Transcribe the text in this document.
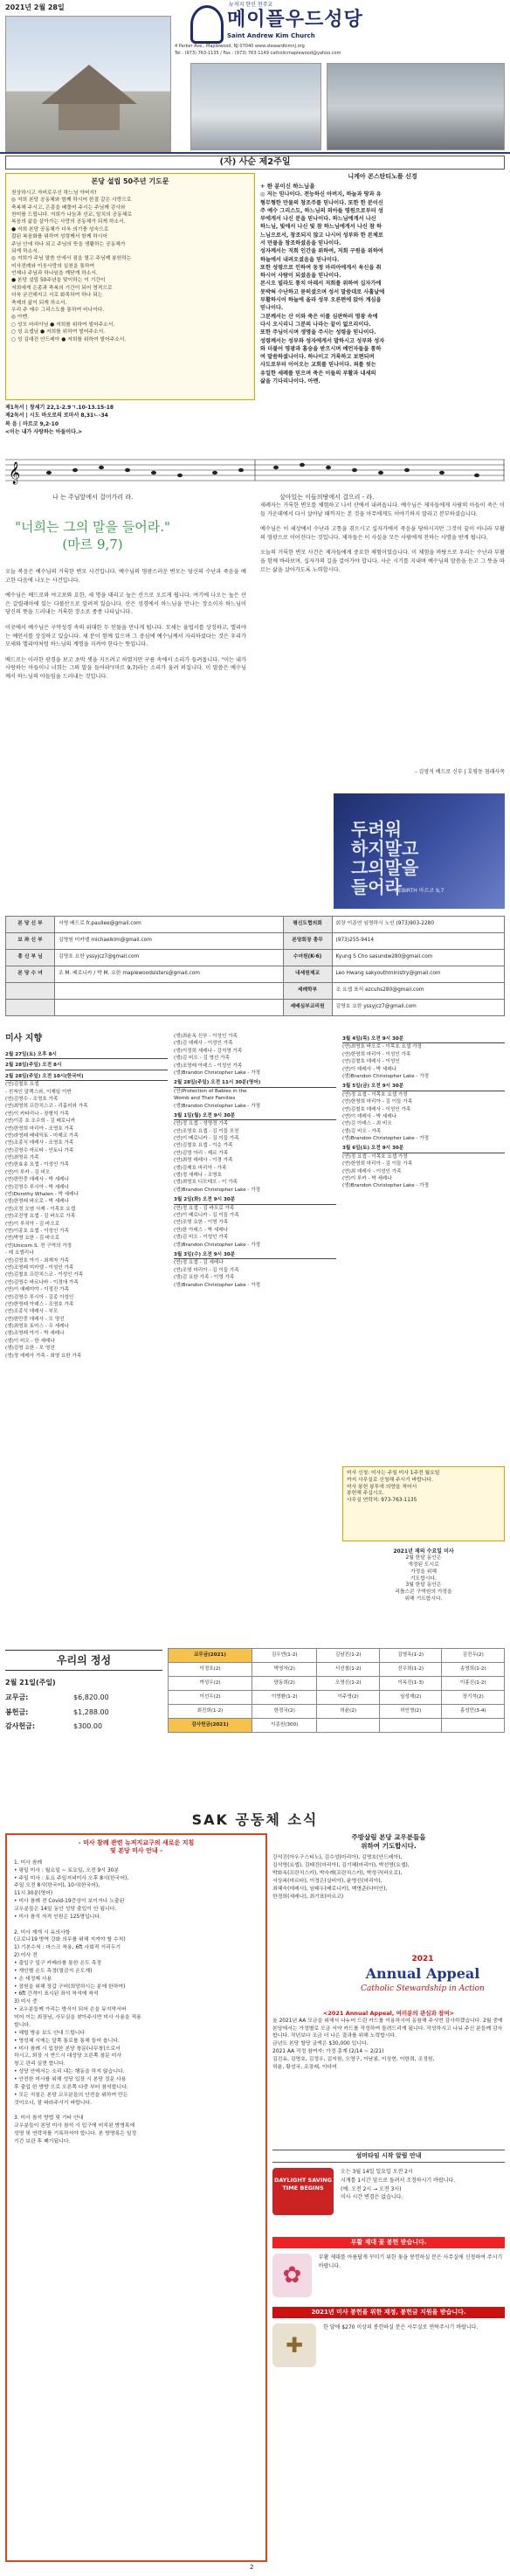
2021년 2월 28일	뉴저지 한인 천주교
메이플우드성당
Saint Andrew Kim Church
4 Parker Ave., Maplewood, NJ 07040 www.stewardkimnj.org
Tel : (973) 763-1135 / Fax : (973) 763-1149 catholicmaplewood@yahoo.com
(자) 사순 제2주일
본당 설립 50주년 기도문

천상하시고 자비로우신 하느님 아버지!
◎ 저희 본당 공동체와 함께 하시어 한결 같은 사랑으로
축복해 주시고, 은총을 베풀어 주시는 주님께 감사와
찬미를 드립니다. 저희가 나눔과 선교, 일치의 공동체로
복음의 삶을 살아가는 사랑의 공동체가 되게 하소서.
● 저희 본당 공동체가 더욱 의기충 성숙으로
잡된 복음화를 위하여 성령께서 함께 하시어
주님 안에 하나 되고 주님의 뜻을 생활하는 공동체가
되게 하소서.
◎ 저희가 주님 말씀 안에서 점을 열고 주님께 봉헌하는
미사전례와 이웃사랑의 실천을 통하여
언제나 주님과 하나임을 깨닫게 하소서.
● 본당 설립 50주년을 맞이하는 이 기간이
저희에게 은총과 축복의 기간이 되어 영적으로
더욱 굳건해지고 서로 화목하여 하나 되는
축제의 삶이 되게 하소서.
우리 주 예수 그리스도를 통하여 비나이다.
◎ 아멘.
○ 성모 마리아님 ● 저희를 위하여 빌어주소서.
○ 성 요셉님 ● 저희를 위하여 빌어주소서.
○ 성 김대건 안드레아 ● 저희를 위하여 빌어주소서.

제1독서 | 창세기 22,1-2.9ㄱ.10-13.15-18
제2독서 | 시도 바오로의 로마서 8,31ㄴ-34
복 음 | 마르코 9,2-10
<이는 내가 사랑하는 아들이다.>
니케아 콘스탄티노플 신경
+ 한 분이신 하느님을

◎ 저는 믿나이다. 전능하신 아버지, 하늘과 땅과 유
형무형한 만물의 창조주를 믿나이다. 또한 한 분이신
주 예수 그리스도, 하느님의 외아들 영원으로부터 성
부에게서 나신 분을 믿나이다. 하느님에게서 나신
하느님, 빛에서 나신 빛 참 하느님에게서 나신 참 하
느님으로서, 창조되지 않고 나시어 성부와 한 본체로
서 만물을 창조하셨음을 믿나이다.
성자께서는 저희 인간을 위하여, 저희 구원을 위하여
하늘에서 내려오셨음을 믿나이다.
또한 성령으로 인하여 동정 마리아에게서 육신을 취
하시어 사람이 되셨음을 믿나이다.
본시오 빌라도 통치 아래서 저희를 위하여 십자가에
못박혀 수난하고 묻히셨으며 성서 말씀대로 사흘날에
부활하시어 하늘에 올라 성부 오른편에 앉아 계심을
믿나이다.
그분께서는 산 이와 죽은 이를 심판하러 영광 속에
다시 오시리니 그분의 나라는 끝이 없으리이다.
또한 주님이시며 생명을 주시는 성령을 믿나이다.
성령께서는 성부와 성자에게서 발하시고 성부와 성자
와 더불어 영광과 흠숭을 받으시며 예언자들을 통하
여 말씀하셨나이다. 하나이고 거룩하고 보편되며
사도로부터 이어오는 교회를 믿나이다. 죄를 씻는
유일한 세례를 믿으며 죽은 이들의 부활과 내세의
삶을 기다리나이다. 아멘.

𝄞
나 는 주님앞에서 걸어가리 라.	살아있는 이들의땅에서 걸으리 - 라.
"너희는 그의 말을 들어라."
(마르 9,7)

오늘 복음은 예수님의 거룩한 변모 사건입니다. 예수님의 영광스러운 변모는 당신의 수난과 죽음을 예고한 다음에 나오는 사건입니다.

예수님은 베드로와 야고보와 요한, 세 명을 데리고 높은 산으로 오르게 됩니다. 여기에 나오는 높은 산은 갈릴레아에 있는 다볼산으로 알려져 있습니다. 산은 성경에서 하느님을 만나는 장소이자 하느님이 당신의 뜻을 드러내는 거룩한 장소로 종종 나타납니다.

이곳에서 예수님은 구약성경 속의 위대한 두 인물을 만나게 됩니다. 모세는 율법서를 상징하고, 엘리야는 예언서를 상징하고 있습니다. 세 분이 함께 있으며 그 중심에 예수님께서 자리하셨다는 것은 우리가 모세와 엘리야처럼 하느님의 계명을 지켜야 한다는 뜻입니다.

베드로는 이러한 광경을 보고 초막 셋을 지으려고 하였지만 구름 속에서 소리가 들려옵니다. "이는 내가 사랑하는 아들이니 너희는 그의 말을 들어라"(마르 9,7)라는 소리가 울려 퍼집니다. 이 말씀은 예수님께서 하느님의 아들임을 드러내는 것입니다.

세례자는 거룩한 변모를 체험하고 나서 산에서 내려옵니다. 예수님은 제자들에게 사람의 아들이 죽은 이들 가운데에서 다시 살아날 때까지는 본 것을 아무에게도 이야기하지 말라고 분부하셨습니다.

예수님은 이 세상에서 수난과 고통을 겪으시고 십자가에서 죽음을 당하시지만 그것이 끝이 아니라 부활의 영광으로 이어진다는 것입니다. 제자들은 이 사실을 모든 사람에게 전하는 사명을 받게 됩니다.

오늘의 거룩한 변모 사건은 제자들에게 중요한 체험이었습니다. 이 체험을 바탕으로 우리는 수난과 부활을 함께 바라보며, 십자가의 길을 걸어가야 합니다. 사순 시기를 지내며 예수님의 말씀을 듣고 그 뜻을 따르는 삶을 살아가도록 노력합시다.

- 김영석 베드로 신부 | 호평동 첨래사목
두려워
하지말고
그의말을
들어라
REBIRTH 마르코 9,7
본 당 신 부	서영 베드로 fr.paullee@gmail.com	평신도협의회	회장 이준연 임명하시 노인 (973)903-2280
보 좌 신 부	김명원 미카엘 michaelkim@gmail.com	본당회장 총무	(973)255-9414
총 신 부 님	김영호 요한 yssyjcz7@gmail.com	수녀원(K-6)	Kyung S Cho sasundw280@gmail.com
본 당 수 녀	조 M. 베로니카 / 박 M. 요한 maplewoodsisters@gmail.com	내세원제교	Leo Hwang sakyouthministry@gmail.com
		세례학부	조 요셉 표석 ezcuhs280@gmail.com
		세배심부교리원	김영호 요한 yssyjcz7@gmail.com
미사 지향
2월 27일(토) 오후 8시
2월 28일(주일) 오전 8시
2월 28일(주일) 오전 10시(한국어)
(연)김철호 요셉
- 친척인 알렉스와, 이제일 이반
(연)김영수 - 조영호 가족
(연)최영희 프란치스코 - 리홀러와 가족
(연)이 카타리나 - 장형석 가족
(연)이종 호 조수희 - 김 베로니카
(연)한영희 마리아 - 조영호 가족
(연)라영래 베네딕토 - 마제코 가족
(연)조종식 데레사 - 조영호 가족
(연)김영수 마르타 - 안토니 가족
(연)최영유 가족
(연)한효송 요셉 - 이성인 가족
(연)이 루카 - 김 비오
(연)한만중 데레사 - 박 세레나
(연)김영수 루시아 - 박 세레나
(연)Dorothy Whalen - 박 세레나
(생)한영래 바오로 - 박 세레나
(연)오정 오염 사제 - 이목호 요셉
(연)조진영 요셉 - 김 바오로 가족
(연)이 루치아 - 김 바오로
(연)이종호 요셉 - 이성인 가족
(연)박영 요한 - 김 바오로
(연)Unicorn S. 전 구역의 가정
- 레 요엘리나
(연)김영호 아기 - 최재자 가족
(연)조영래 미카엘 - 이성인 가족
(연)김철호 프란치스코 - 이성인 가족
(연)김영수 바르나바 - 이경애 가족
(연)이 예레미야 - 이정진 가족
(연)김영수 루시아 - 김종 이성인
(연)한영래 아녜스 - 조영호 가족
(연)조종식 데레사 - 부모
(연)한만중 데레사 - 모 영선
(생)최영호 토마스 - 우 세레나
(생)조영래 아기 - 박 세레나
(생)이 비오 - 한 세레나
(생)김영 요한 - 모 영선
(생)정 데레사 가족 - 최영 요한 가족
(생)최윤옥 신부 - 이성인 가족
(생)김 데레사 - 이성인 가족
(생)이정희 세레나 - 강지영 가족
(생)김 비오 - 김 영선 가족
(생)조영래 아녜스 - 이성인 가족
(생)Brandon Christopher Lake - 가정
2월 28일(주일) 오전 11시 30분(영어)
(연)Protection of Babies in the
Womb and Their Families
(생)Brandon Christopher Lake - 가정
3월 1일(월) 오전 9시 30분
(연)정 요셉 - 성영경 가족
(연)조영호 요셉 - 김 이들 모친
(연)이 베로니카 - 김 이들 가족
(연)김철호 요셉 - 이순 가족
(연)김영 아리 - 제르 가족
(연)최영 데레사 - 이경 가족
(생)김제호 마리아 - 가족
(생)정 세레나 - 조영호
(생)최영호 디모테오 - 이 가족
(생)Brandon Christopher Lake - 가정
3월 2일(화) 오전 9시 30분
(연)정 요셉 - 김 바오로 가족
(연)이 베로니카 - 김 이들 가족
(연)조영 요한 - 이명 가족
(연)한 아녜스 - 박 세레나
(생)김 비오 - 이성인 가족
(생)Brandon Christopher Lake - 가정
3월 3일(수) 오전 9시 30분
(연)정 요셉 - 김 세레나
(연)조영 마리아 - 김 이들 가족
(생)김 요한 가족 - 이영 가족
(생)Brandon Christopher Lake - 가정
3월 4일(목) 오전 9시 30분
(연)최영호 바오로 - 이목호 요셉 가정
(연)한영희 마리아 - 이성인 가족
(연)김철호 데레사 - 이성인
(연)이 데레사 - 박 세레나
(생)Brandon Christopher Lake - 가정
3월 5일(금) 오전 9시 30분
(연)정 요셉 - 이목호 요셉 가정
(연)한영희 마리아 - 김 이들 가족
(연)김철호 데레사 - 이성인 가족
(연)이 데레사 - 박 세레나
(연)김 아녜스 - 최 비오
(생)김 비오 - 가족
(생)Brandon Christopher Lake - 가정
3월 6일(토) 오전 9시 30분
(연)정 요셉 - 이목호 요셉 가정
(연)한영희 마리아 - 김 이들 가족
(연)최 데레사 - 이성인 가족
(연)이 루카 - 박 세레나
(생)Brandon Christopher Lake - 가정
미사 신청: 미사는 주일 미사 1주전 월요일
까지 사무실로 신청해 주시기 바랍니다.
미사 봉헌 봉투에 의향을 적어서
봉헌해 주십시오.
사무실 연락처: 973-763-1135
2021년 재의 수요일 미사
2월 한달 동안은
개정된 도시로
가정을 위해
기도합시다.
3월 한달 동안은
리틀스콘 구역원의 가정을
위해 기도합시다.
우리의 정성
2월 21일(주일)
교무금:	$6,820.00
봉헌금:	$1,288.00
감사헌금:	$300.00
교무금(2021)	김우엔(1-2)	김남진(1-2)	김영옥(1-2)	김진우(2)
이정호(2)	박영자(2)	서선철(1-2)	선우희(1-2)	송영희(1-2)
여성우(2)	양동희(2)	오영신(1-2)	이옥진(1-3)	이홍신(1-2)
이선우(2)	이영환(1-2)	이주영(2)	임성재(2)	장기석(2)
최진희(1-2)	한정국(2)	허윤(2)	허인영(2)	홍성민(3-4)
감사헌금(2021)	이종원(300)			
SAK 공동체 소식
- 미사 참례 관련 뉴저지교구의 새로운 지침
및 본당 미사 안내 -

1. 미사 참례
• 평일 미사 : 월요일 ~ 토요일, 오전 9시 30분
• 주일 미사 : 토요 주일저녁미사 오후 8시(한국어),
주일 오전 8시(한국어), 10시(한국어),
11시 30분(영어)
• 미사 참례 전 Covid-19증상이 보이거나 노출된
교우분들은 14일 동안 성당 출입이 안 됩니다.
• 미사 참석 자격 인원은 125명입니다.

2. 미사 재개 시 유의사항
(코로나19 방역 강화 의무를 위해 지켜야 할 수칙)
1) 기본수칙 : 마스크 착용, 6ft 사회적 거리두기
2) 미사 전
• 출입구 입구 카메라를 통한 온도 측정
• 개인별 온도 측정(열감지 온도계)
• 손 세정제 사용
• 잠원을 위해 장갑 구비(희망하시는 분에 한하여)
• 6ft 간격이 표시된 좌석 착석에 착석
3) 미사 중
• 교우분들께 가리는 방식이 되어 손을 뮤지막서버
미어 이는 최장님, 사무실을 찾아주시면 미사 사용을 적용
합니다.
• 헤럴 방송 보도 안내 드립니다
• 영성체 시에는 앞쪽 통로를 통해 들어 옵니다.
• 미사 참례 시 입장한 본당 창문(나무창)으로서
하시고, 퇴장 시 반드시 대성당 오른쪽 창문 미사
창고 관리 실현 합니다.
• 성당 안에서는 소리 내는 행동을 하지 않습니다.
• 안전한 미사를 위해 성당 입장 시 본당 정문 사용
후 출입 한 방향 으로 오른쪽 다중 부터 참석합니다.
• 모든 지침은 본당 교우분들의 안전을 위하여 만든
것이오니, 잘 따라주시기 바랍니다.

3. 미사 참석 방법 및 기타 안내
교우분들이 본당 미사 참석 시 입구에 비치된 방명록에
성명 및 연락처를 기록하셔야 합니다. 본 방명록은 일정
기간 보관 후 폐기됩니다.

주방살림 본당 교우분들을
위하여 기도합시다.

강석진(아우구스티노), 김수성(마리아), 김명호(안드레아),
김석영(요셉), 김태진(마리아), 김기혜(마리아), 박선영(요셉),
박화옥(프란치스카), 박숙례(프란치스카), 박성구(바오로),
서상복(마르타), 이정은(실비아), 윤영신(마리아),
최혜숙(데레사), 임태우(베로니카), 백명준(다미안),
한경희(세레나), 최기표(마르코)

2021
Annual Appeal
Catholic Stewardship in Action
<2021 Annual Appeal, 여러분의 관심과 참여>

올 2021년 AA 모금을 위해서 나누어 드린 카드를 이용하시어 동참해 주시면 감사하겠습니다. 2월 중에 본당에서는 가정별로 모금 서약 카드를 작성하여 돌려드리게 됩니다. 작성하시고 나눠 주신 분들께 감사합니다. 작년보다 조금 더 나은 결과를 위해 노력합시다.
금년도 본당 할당 금액은 $30,000 입니다.
2021 AA 작정 참여자: 가정 총계 (2/14 ~ 2/21)
김진유, 김영호, 김정우, 김지원, 오영구, 이남봉, 이상현, 이한희, 조정원,
허윤, 황성국, 조장래, 이다미

섬머타임 시작 알림 안내
DAYLIGHT SAVING TIME BEGINS

오는 3월 14일 일요일 오전 2시
시계를 1시간 앞으로 돌려서 조정하시기 바랍니다.
(예: 오전 2시 → 오전 3시)
미사 시간 변경은 없습니다.

부활 제대 꽃 봉헌 받습니다.
✿

부활 제대를 아름답게 꾸미기 위한 꽃을 봉헌하실 분은 사무실에 신청하여 주시기 바랍니다.

2021년 미사 봉헌을 위한 재정, 봉헌금 지원을 받습니다.
✚

한 달에 $270 이상의 봉헌하실 분은 사무실로 연락주시기 바랍니다.

2
